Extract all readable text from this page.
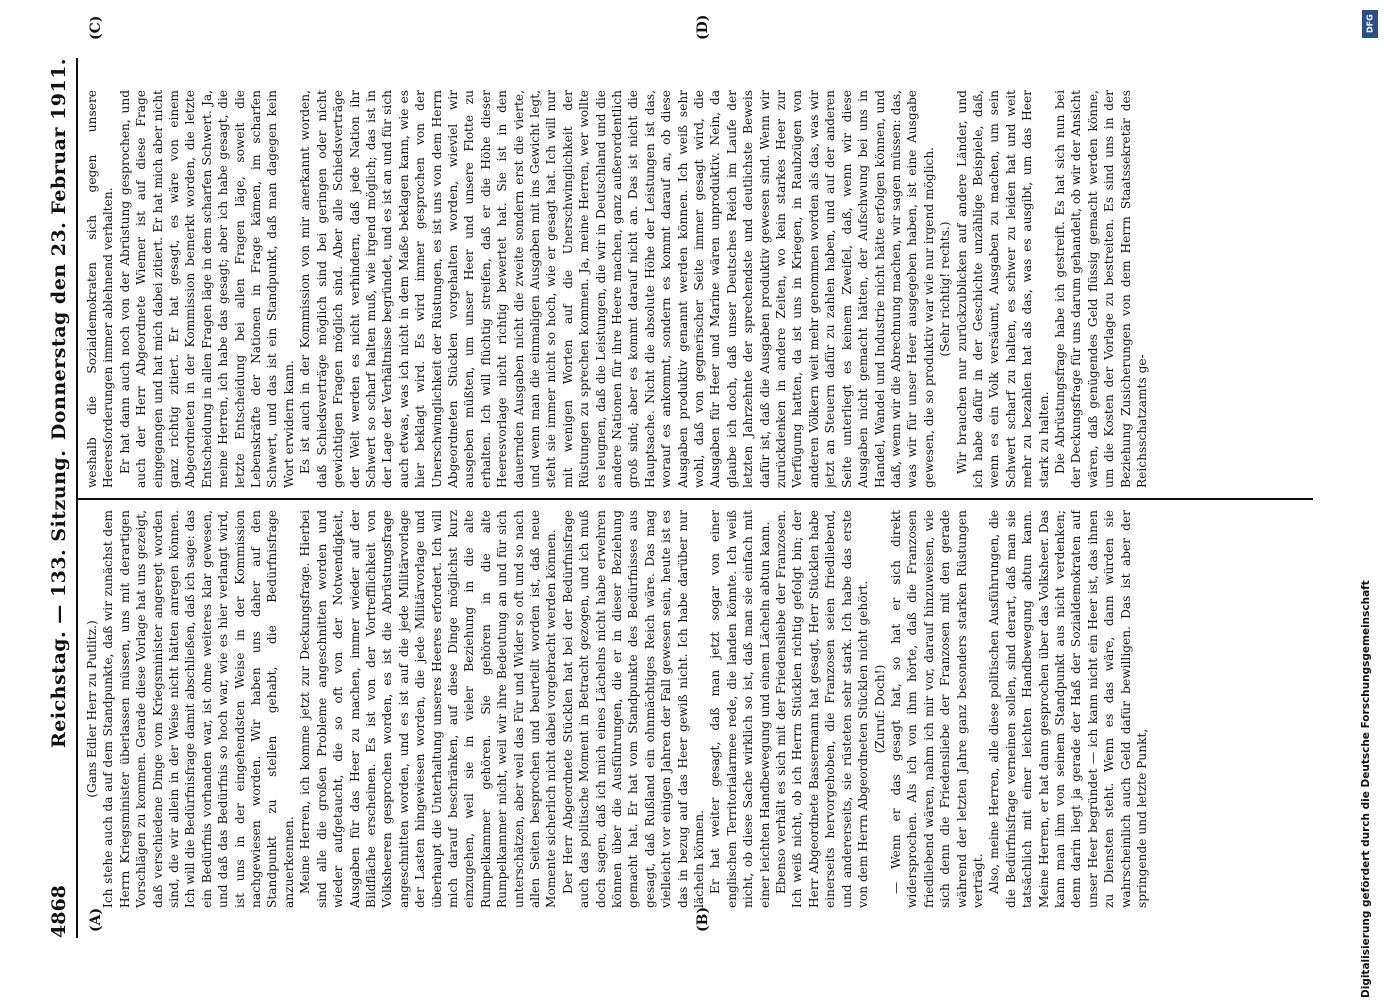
4868
Reichstag. — 133. Sitzung.
Donnerstag den 23. Februar 1911.
(A)	(B)
(C)	(D)

(Gans Edler Herr zu Putlitz.) Ich stehe auch da auf dem Standpunkte, daß wir zunächst dem Herrn Kriegsminister überlassen müssen, uns mit derartigen Vorschlägen zu kommen. Gerade diese Vorlage hat uns gezeigt, daß verschiedene Dinge vom Kriegsminister angeregt worden sind, die wir allein in der Weise nicht hätten anregen können. Ich will die Bedürfnisfrage damit abschließen, daß ich sage: das ein Bedürfnis vorhanden war, ist ohne weiteres klar gewesen, und daß das Bedürfnis so hoch war, wie es hier verlangt wird, ist uns in der eingehendsten Weise in der Kommission nachgewiesen worden. Wir haben uns daher auf den Standpunkt zu stellen gehabt, die Bedürfnisfrage anzuerkennen. Meine Herren, ich komme jetzt zur Deckungsfrage. Hierbei sind alle die großen Probleme angeschnitten worden und wieder aufgetaucht, die so oft von der Notwendigkeit, Ausgaben für das Heer zu machen, immer wieder auf der Bildfläche erscheinen. Es ist von der Vortrefflichkeit von Volksheeren gesprochen worden, es ist die Abrüstungsfrage angeschnitten worden, und es ist auf die jede Militärvorlage der Lasten hingewiesen worden, die jede Militärvorlage und überhaupt die Unterhaltung unseres Heeres erfordert. Ich will mich darauf beschränken, auf diese Dinge möglichst kurz einzugehen, weil sie in vieler Beziehung in die alte Rumpelkammer gehören. Sie gehören in die alte Rumpelkammer nicht, weil wir ihre Bedeutung an und für sich unterschätzen, aber weil das Für und Wider so oft und so nach allen Seiten besprochen und beurteilt worden ist, daß neue Momente sicherlich nicht dabei vorgebracht werden können. Der Herr Abgeordnete Stücklen hat bei der Bedürfnisfrage auch das politische Moment in Betracht gezogen, und ich muß doch sagen, daß ich mich eines Lächelns nicht habe erwehren können über die Ausführungen, die er in dieser Beziehung gemacht hat. Er hat vom Standpunkte des Bedürfnisses aus gesagt, daß Rußland ein ohnmächtiges Reich wäre. Das mag vielleicht vor einigen Jahren der Fall gewesen sein, heute ist es das in bezug auf das Heer gewiß nicht. Ich habe darüber nur lächeln können. Er hat weiter gesagt, daß man jetzt sogar von einer englischen Territorialarmee rede, die landen könnte. Ich weiß nicht, ob diese Sache wirklich so ist, daß man sie einfach mit einer leichten Handbewegung und einem Lächeln abtun kann. Ebenso verhält es sich mit der Friedensliebe der Franzosen. Ich weiß nicht, ob ich Herrn Stücklen richtig gefolgt bin; der Herr Abgeordnete Bassermann hat gesagt, Herr Stücklen habe einerseits hervorgehoben, die Franzosen seien friedliebend, und andererseits, sie rüsteten sehr stark. Ich habe das erste von dem Herrn Abgeordneten Stücklen nicht gehört. (Zuruf: Doch!) — Wenn er das gesagt hat, so hat er sich direkt widersprochen. Als ich von ihm hörte, daß die Franzosen friedliebend wären, nahm ich mir vor, darauf hinzuweisen, wie sich denn die Friedensliebe der Franzosen mit den gerade während der letzten Jahre ganz besonders starken Rüstungen verträgt. Also, meine Herren, alle diese politischen Ausführungen, die die Bedürfnisfrage verneinen sollen, sind derart, daß man sie tatsächlich mit einer leichten Handbewegung abtun kann. Meine Herren, er hat dann gesprochen über das Volksheer. Das kann man ihm von seinem Standpunkt aus nicht verdenken; denn darin liegt ja gerade der Haß der Sozialdemokraten auf unser Heer begründet — ich kann nicht ein Heer ist, das ihnen zu Diensten steht. Wenn es das wäre, dann würden sie wahrscheinlich auch Geld dafür bewilligen. Das ist aber der springende und letzte Punkt,

weshalb die Sozialdemokraten sich gegen unsere Heeresforderungen immer ablehnend verhalten. Er hat dann auch noch von der Abrüstung gesprochen, und auch der Herr Abgeordnete Wiemer ist auf diese Frage eingegangen und hat mich dabei zitiert. Er hat mich aber nicht ganz richtig zitiert. Er hat gesagt, es wäre von einem Abgeordneten in der Kommission bemerkt worden, die letzte Entscheidung in allen Fragen läge in dem scharfen Schwert. Ja, meine Herren, ich habe das gesagt; aber ich habe gesagt, die letzte Entscheidung bei allen Fragen läge, soweit die Lebenskräfte der Nationen in Frage kämen, im scharfen Schwert, und das ist ein Standpunkt, daß man dagegen kein Wort erwidern kann. Es ist auch in der Kommission von mir anerkannt worden, daß Schiedsverträge möglich sind bei geringen oder nicht gewichtigen Fragen möglich sind. Aber alle Schiedsverträge der Welt werden es nicht verhindern, daß jede Nation ihr Schwert so scharf halten muß, wie irgend möglich; das ist in der Lage der Verhältnisse begründet, und es ist an und für sich auch etwas, was ich nicht in dem Maße beklagen kann, wie es hier beklagt wird. Es wird immer gesprochen von der Unerschwinglichkeit der Rüstungen, es ist uns von dem Herrn Abgeordneten Stücklen vorgehalten worden, wieviel wir ausgeben müßten, um unser Heer und unsere Flotte zu erhalten. Ich will flüchtig streifen, daß er die Höhe dieser Heeresvorlage nicht richtig bewertet hat. Sie ist in den dauernden Ausgaben nicht die zweite sondern erst die vierte, und wenn man die einmaligen Ausgaben mit ins Gewicht legt, steht sie immer nicht so hoch, wie er gesagt hat. Ich will nur mit wenigen Worten auf die Unerschwinglichkeit der Rüstungen zu sprechen kommen. Ja, meine Herren, wer wollte es leugnen, daß die Leistungen, die wir in Deutschland und die andere Nationen für ihre Heere machen, ganz außerordentlich groß sind; aber es kommt darauf nicht an. Das ist nicht die Hauptsache. Nicht die absolute Höhe der Leistungen ist das, worauf es ankommt, sondern es kommt darauf an, ob diese Ausgaben produktiv genannt werden können. Ich weiß sehr wohl, daß von gegnerischer Seite immer gesagt wird, die Ausgaben für Heer und Marine wären unproduktiv. Nein, da glaube ich doch, daß unser Deutsches Reich im Laufe der letzten Jahrzehnte der sprechendste und deutlichste Beweis dafür ist, daß die Ausgaben produktiv gewesen sind. Wenn wir zurückdenken in andere Zeiten, wo kein starkes Heer zur Verfügung hatten, da ist uns in Kriegen, in Raubzügen von anderen Völkern weit mehr genommen worden als das, was wir jetzt an Steuern dafür zu zahlen haben, und auf der anderen Seite unterliegt es keinem Zweifel, daß, wenn wir diese Ausgaben nicht gemacht hätten, der Aufschwung bei uns in Handel, Wandel und Industrie nicht hätte erfolgen können, und daß, wenn wir die Abrechnung machen, wir sagen müssen: das, was wir für unser Heer ausgegeben haben, ist eine Ausgabe gewesen, die so produktiv war wie nur irgend möglich. (Sehr richtig! rechts.) Wir brauchen nur zurückzublicken auf andere Länder, und ich habe dafür in der Geschichte unzählige Beispiele, daß, wenn es ein Volk versäumt, Ausgaben zu machen, um sein Schwert scharf zu halten, es schwer zu leiden hat und weit mehr zu bezahlen hat als das, was es ausgibt, um das Heer stark zu halten. Die Abrüstungsfrage habe ich gestreift. Es hat sich nun bei der Deckungsfrage für uns darum gehandelt, ob wir der Ansicht wären, daß genügendes Geld flüssig gemacht werden könne, um die Kosten der Vorlage zu bestreiten. Es sind uns in der Beziehung Zusicherungen von dem Herrn Staatssekretär des Reichsschatzamts ge-

DFG
Digitalisierung gefördert durch die Deutsche Forschungsgemeinschaft
